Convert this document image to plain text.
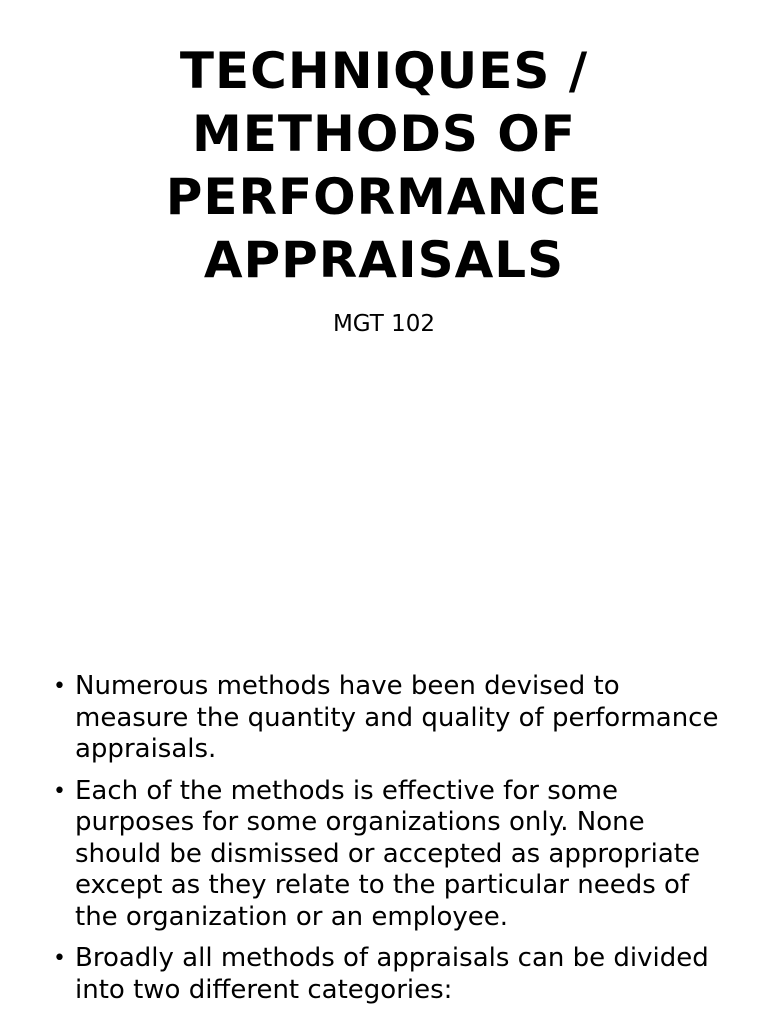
TECHNIQUES / METHODS OF PERFORMANCE APPRAISALS
MGT 102
• Numerous methods have been devised to measure the quantity and quality of performance appraisals.
• Each of the methods is effective for some purposes for some organizations only. None should be dismissed or accepted as appropriate except as they relate to the particular needs of the organization or an employee.
• Broadly all methods of appraisals can be divided into two different categories:
